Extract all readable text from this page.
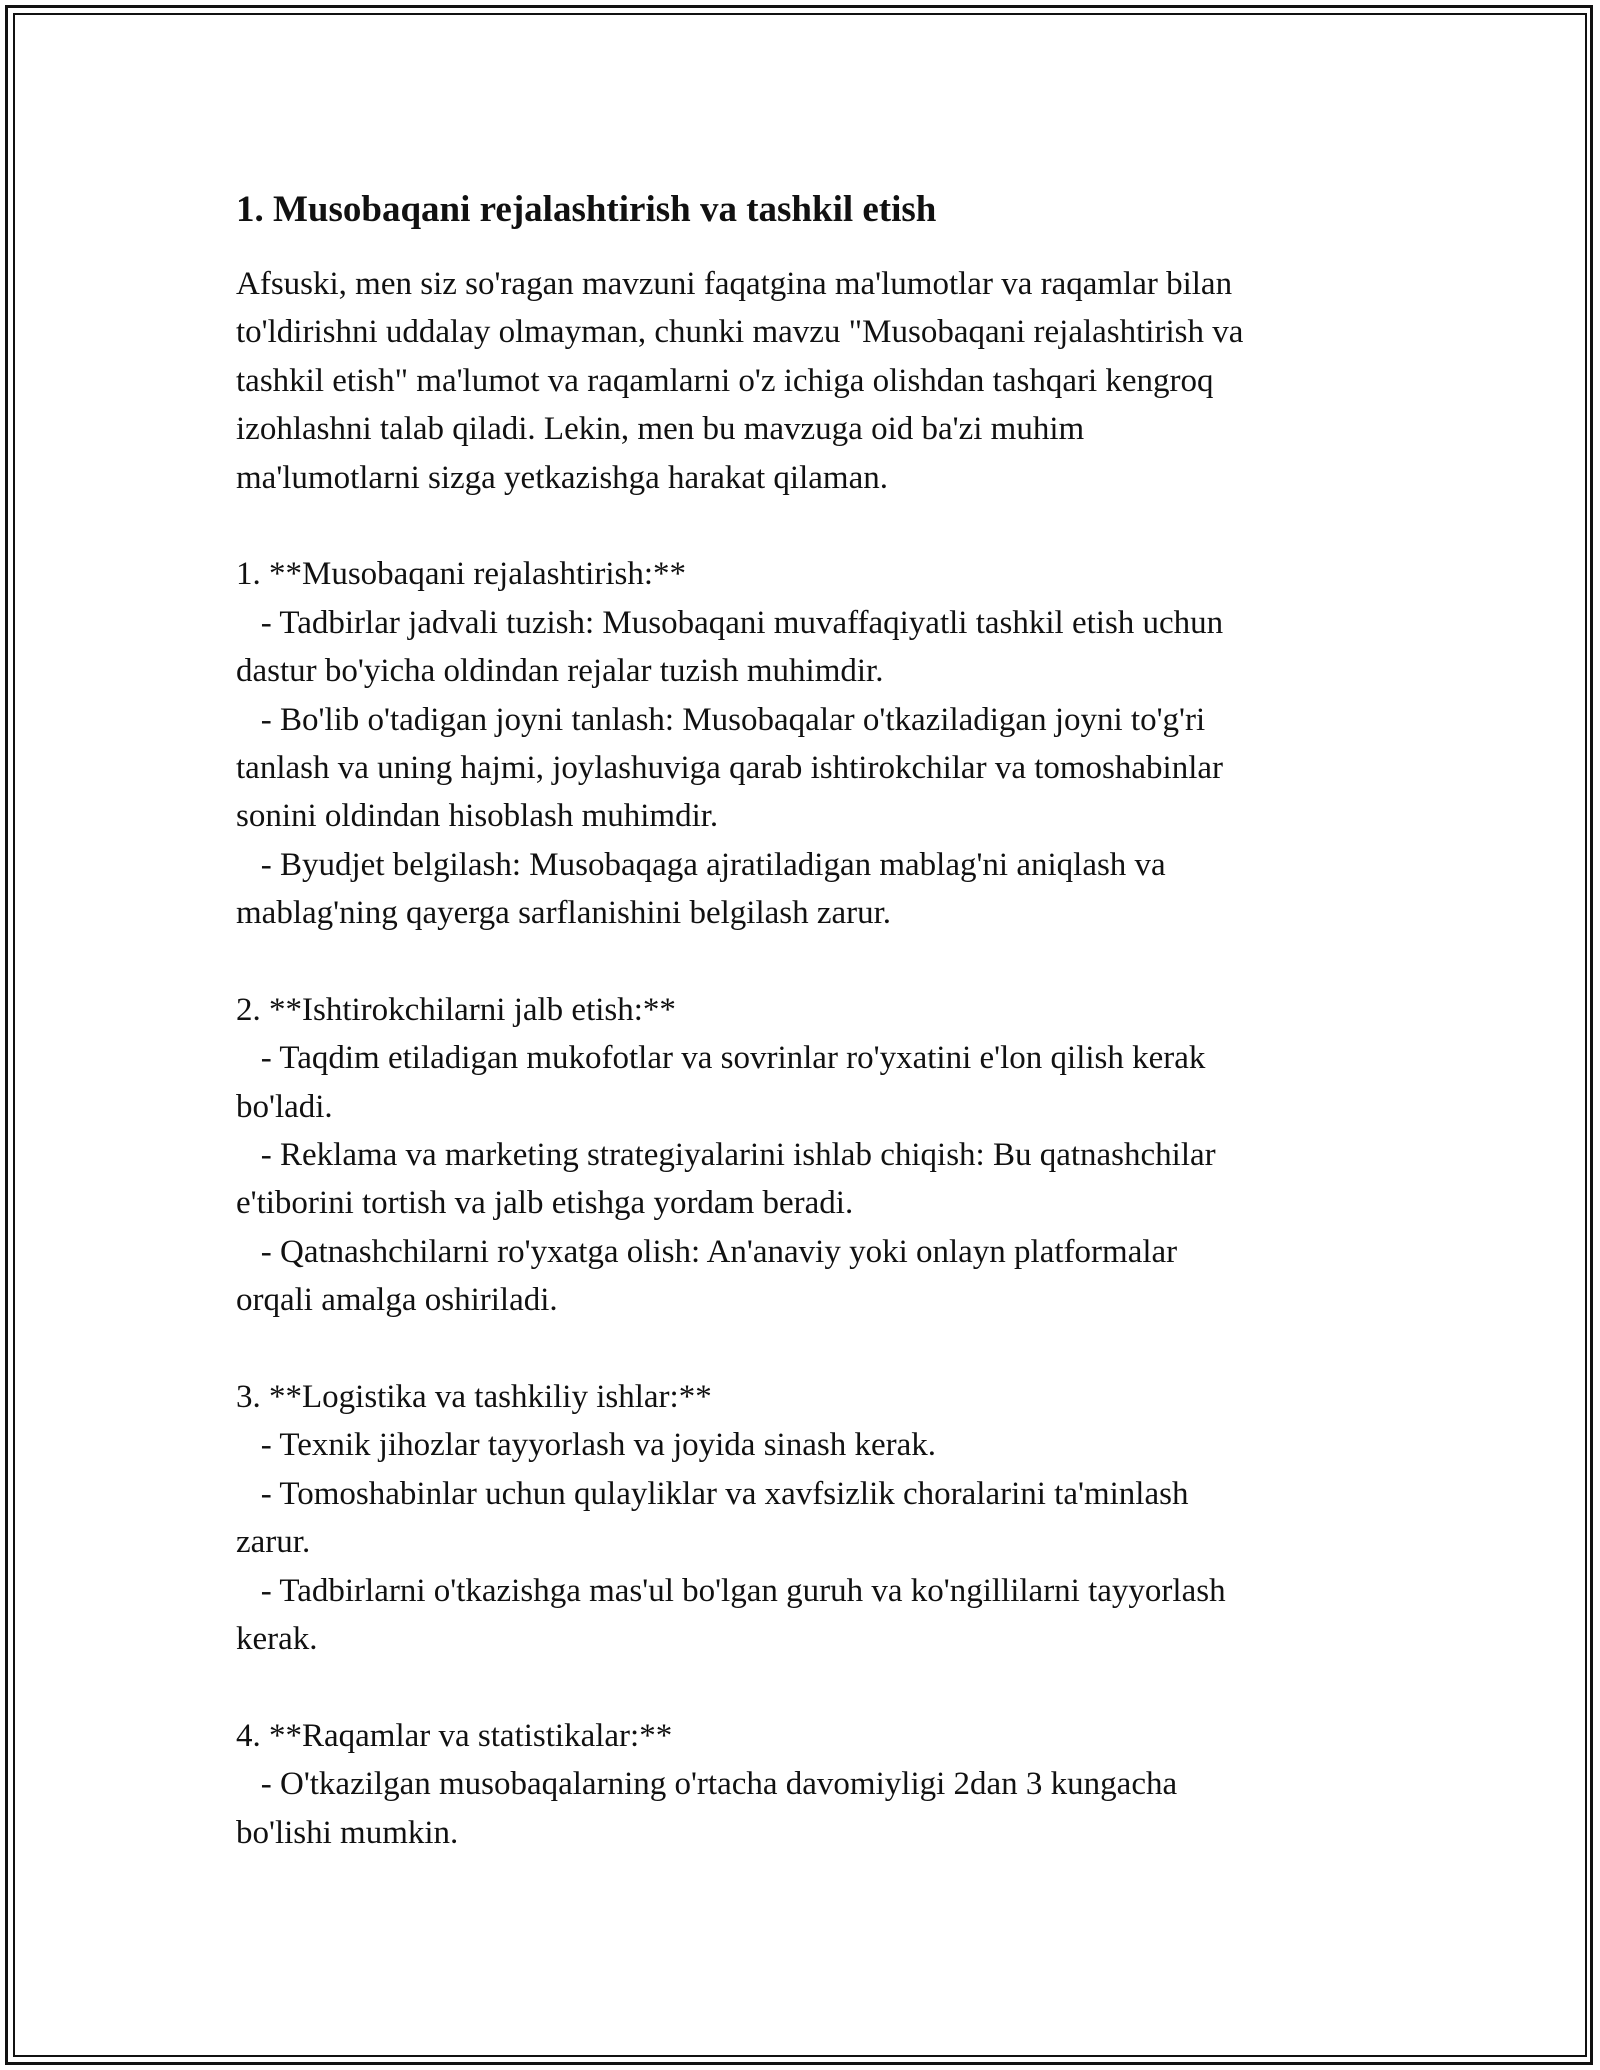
1. Musobaqani rejalashtirish va tashkil etish
Afsuski, men siz so'ragan mavzuni faqatgina ma'lumotlar va raqamlar bilan
to'ldirishni uddalay olmayman, chunki mavzu "Musobaqani rejalashtirish va
tashkil etish" ma'lumot va raqamlarni o'z ichiga olishdan tashqari kengroq
izohlashni talab qiladi. Lekin, men bu mavzuga oid ba'zi muhim
ma'lumotlarni sizga yetkazishga harakat qilaman.
1. **Musobaqani rejalashtirish:**
- Tadbirlar jadvali tuzish: Musobaqani muvaffaqiyatli tashkil etish uchun
dastur bo'yicha oldindan rejalar tuzish muhimdir.
- Bo'lib o'tadigan joyni tanlash: Musobaqalar o'tkaziladigan joyni to'g'ri
tanlash va uning hajmi, joylashuviga qarab ishtirokchilar va tomoshabinlar
sonini oldindan hisoblash muhimdir.
- Byudjet belgilash: Musobaqaga ajratiladigan mablag'ni aniqlash va
mablag'ning qayerga sarflanishini belgilash zarur.
2. **Ishtirokchilarni jalb etish:**
- Taqdim etiladigan mukofotlar va sovrinlar ro'yxatini e'lon qilish kerak
bo'ladi.
- Reklama va marketing strategiyalarini ishlab chiqish: Bu qatnashchilar
e'tiborini tortish va jalb etishga yordam beradi.
- Qatnashchilarni ro'yxatga olish: An'anaviy yoki onlayn platformalar
orqali amalga oshiriladi.
3. **Logistika va tashkiliy ishlar:**
- Texnik jihozlar tayyorlash va joyida sinash kerak.
- Tomoshabinlar uchun qulayliklar va xavfsizlik choralarini ta'minlash
zarur.
- Tadbirlarni o'tkazishga mas'ul bo'lgan guruh va ko'ngillilarni tayyorlash
kerak.
4. **Raqamlar va statistikalar:**
- O'tkazilgan musobaqalarning o'rtacha davomiyligi 2dan 3 kungacha
bo'lishi mumkin.
